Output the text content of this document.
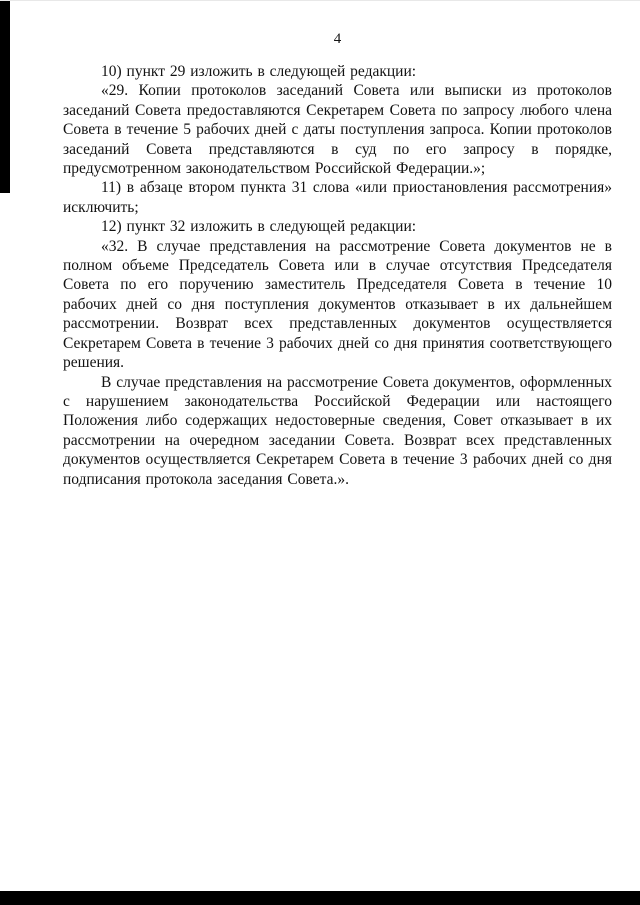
4

10) пункт 29 изложить в следующей редакции:

«29. Копии протоколов заседаний Совета или выписки из протоколов заседаний Совета предоставляются Секретарем Совета по запросу любого члена Совета в течение 5 рабочих дней с даты поступления запроса. Копии протоколов заседаний Совета представляются в суд по его запросу в порядке, предусмотренном законодательством Российской Федерации.»;

11) в абзаце втором пункта 31 слова «или приостановления рассмотрения» исключить;

12) пункт 32 изложить в следующей редакции:

«32. В случае представления на рассмотрение Совета документов не в полном объеме Председатель Совета или в случае отсутствия Председателя Совета по его поручению заместитель Председателя Совета в течение 10 рабочих дней со дня поступления документов отказывает в их дальнейшем рассмотрении. Возврат всех представленных документов осуществляется Секретарем Совета в течение 3 рабочих дней со дня принятия соответствующего решения.

В случае представления на рассмотрение Совета документов, оформленных с нарушением законодательства Российской Федерации или настоящего Положения либо содержащих недостоверные сведения, Совет отказывает в их рассмотрении на очередном заседании Совета. Возврат всех представленных документов осуществляется Секретарем Совета в течение 3 рабочих дней со дня подписания протокола заседания Совета.».
